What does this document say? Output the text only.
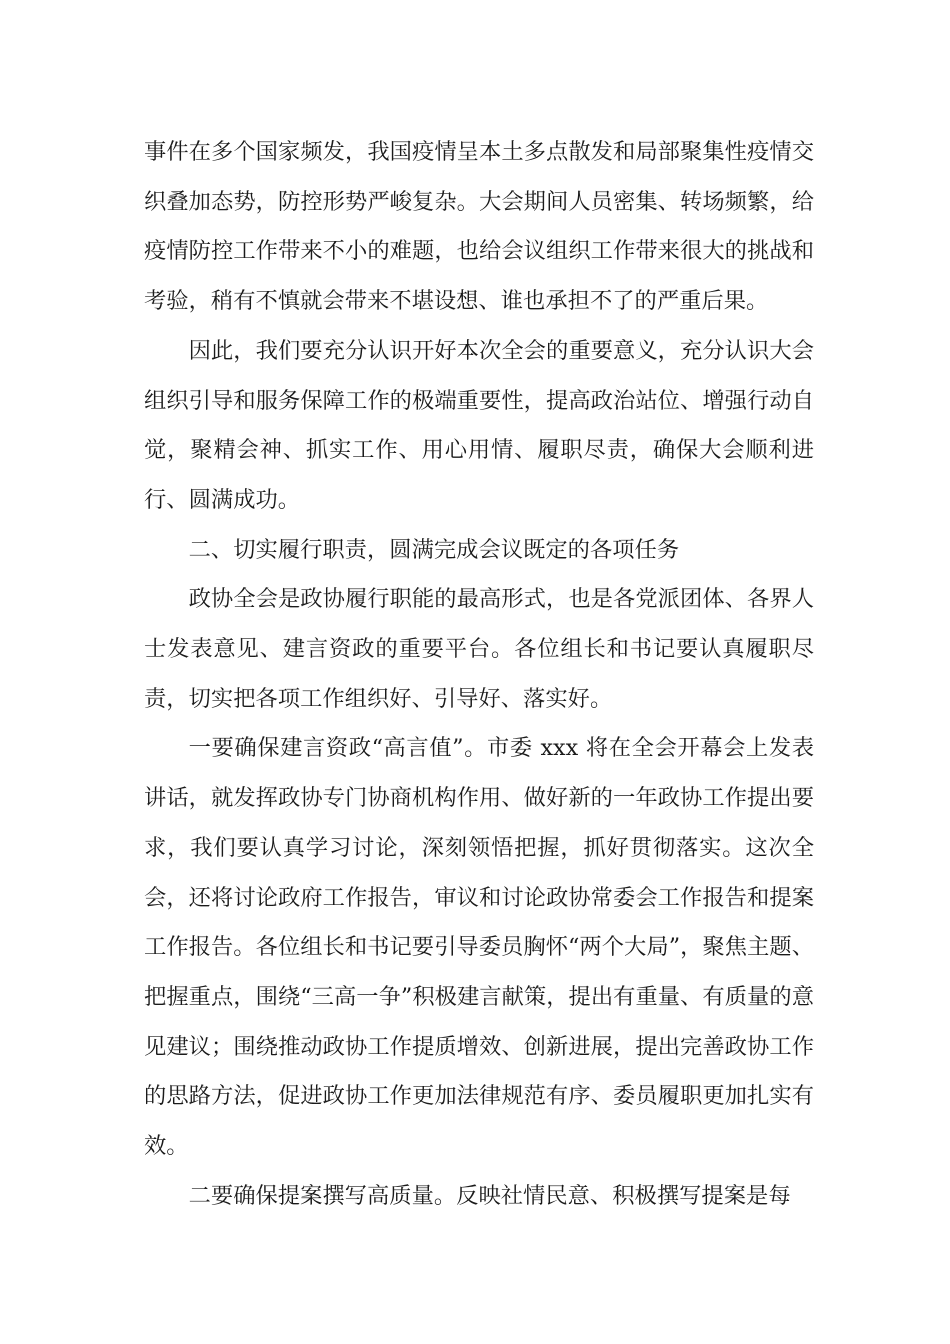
事件在多个国家频发，我国疫情呈本土多点散发和局部聚集性疫情交织叠加态势，防控形势严峻复杂。大会期间人员密集、转场频繁，给疫情防控工作带来不小的难题，也给会议组织工作带来很大的挑战和考验，稍有不慎就会带来不堪设想、谁也承担不了的严重后果。

因此，我们要充分认识开好本次全会的重要意义，充分认识大会组织引导和服务保障工作的极端重要性，提高政治站位、增强行动自觉，聚精会神、抓实工作、用心用情、履职尽责，确保大会顺利进行、圆满成功。

二、切实履行职责，圆满完成会议既定的各项任务

政协全会是政协履行职能的最高形式，也是各党派团体、各界人士发表意见、建言资政的重要平台。各位组长和书记要认真履职尽责，切实把各项工作组织好、引导好、落实好。

一要确保建言资政“高言值”。市委 xxx 将在全会开幕会上发表讲话，就发挥政协专门协商机构作用、做好新的一年政协工作提出要求，我们要认真学习讨论，深刻领悟把握，抓好贯彻落实。这次全会，还将讨论政府工作报告，审议和讨论政协常委会工作报告和提案工作报告。各位组长和书记要引导委员胸怀“两个大局”，聚焦主题、把握重点，围绕“三高一争”积极建言献策，提出有重量、有质量的意见建议；围绕推动政协工作提质增效、创新进展，提出完善政协工作的思路方法，促进政协工作更加法律规范有序、委员履职更加扎实有效。

二要确保提案撰写高质量。反映社情民意、积极撰写提案是每
